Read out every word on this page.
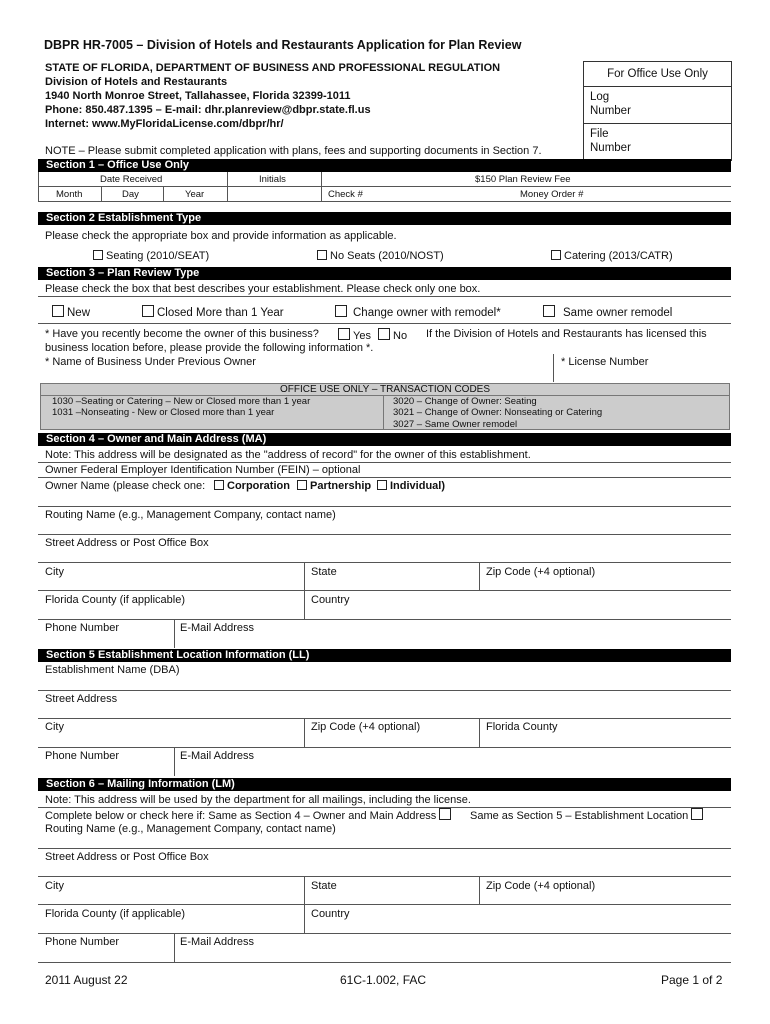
DBPR HR-7005 – Division of Hotels and Restaurants Application for Plan Review
STATE OF FLORIDA, DEPARTMENT OF BUSINESS AND PROFESSIONAL REGULATION
Division of Hotels and Restaurants
1940 North Monroe Street, Tallahassee, Florida 32399-1011
Phone: 850.487.1395 – E-mail: dhr.planreview@dbpr.state.fl.us
Internet: www.MyFloridaLicense.com/dbpr/hr/
NOTE – Please submit completed application with plans, fees and supporting documents in Section 7.
For Office Use Only
Log
Number
File
Number
Section 1 – Office Use Only
Date Received	Initials	$150 Plan Review Fee
Month	Day	Year	Check #	Money Order #
Section 2 Establishment Type
Please check the appropriate box and provide information as applicable.
Seating (2010/SEAT)	No Seats (2010/NOST)	Catering (2013/CATR)
Section 3 – Plan Review Type
Please check the box that best describes your establishment. Please check only one box.
New	Closed More than 1 Year	Change owner with remodel*	Same owner remodel
* Have you recently become the owner of this business?	Yes	No If the Division of Hotels and Restaurants has licensed this
business location before, please provide the following information *.
* Name of Business Under Previous Owner	* License Number
OFFICE USE ONLY – TRANSACTION CODES
1030 –Seating or Catering – New or Closed more than 1 year
1031 –Nonseating - New or Closed more than 1 year
3020 – Change of Owner: Seating
3021 – Change of Owner: Nonseating or Catering
3027 – Same Owner remodel
Section 4 – Owner and Main Address (MA)
Note: This address will be designated as the "address of record" for the owner of this establishment.
Owner Federal Employer Identification Number (FEIN) – optional
Owner Name (please check one:	Corporation	Partnership	Individual)
Routing Name (e.g., Management Company, contact name)
Street Address or Post Office Box
City	State	Zip Code (+4 optional)
Florida County (if applicable)	Country
Phone Number	E-Mail Address
Section 5 Establishment Location Information (LL)
Establishment Name (DBA)
Street Address
City	Zip Code (+4 optional)	Florida County
Phone Number	E-Mail Address
Section 6 – Mailing Information (LM)
Note: This address will be used by the department for all mailings, including the license.
Complete below or check here if: Same as Section 4 – Owner and Main Address	Same as Section 5 – Establishment Location
Routing Name (e.g., Management Company, contact name)
Street Address or Post Office Box
City	State	Zip Code (+4 optional)
Florida County (if applicable)	Country
Phone Number	E-Mail Address
2011 August 22	61C-1.002, FAC	Page 1 of 2
